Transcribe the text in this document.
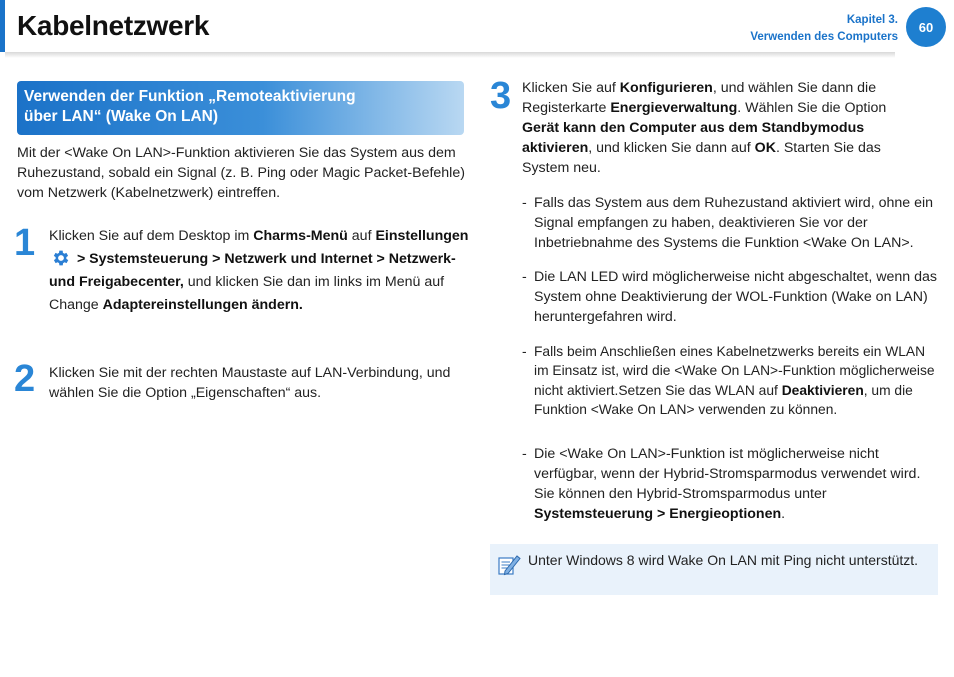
Kabelnetzwerk	Kapitel 3.
Verwenden des Computers
60
Verwenden der Funktion „Remoteaktivierung
über LAN“ (Wake On LAN)

Mit der <Wake On LAN>-Funktion aktivieren Sie das System aus dem Ruhezustand, sobald ein Signal (z. B. Ping oder Magic Packet-Befehle) vom Netzwerk (Kabelnetzwerk) eintreffen.

1 Klicken Sie auf dem Desktop im Charms-Menü auf Einstellungen > Systemsteuerung > Netzwerk und Internet > Netzwerk- und Freigabecenter, und klicken Sie dan im links im Menü auf Change Adaptereinstellungen ändern.

2 Klicken Sie mit der rechten Maustaste auf LAN-Verbindung, und wählen Sie die Option „Eigenschaften“ aus.

3 Klicken Sie auf Konfigurieren, und wählen Sie dann die Registerkarte Energieverwaltung. Wählen Sie die Option Gerät kann den Computer aus dem Standbymodus aktivieren, und klicken Sie dann auf OK. Starten Sie das System neu.

- Falls das System aus dem Ruhezustand aktiviert wird, ohne ein Signal empfangen zu haben, deaktivieren Sie vor der Inbetriebnahme des Systems die Funktion <Wake On LAN>.

- Die LAN LED wird möglicherweise nicht abgeschaltet, wenn das System ohne Deaktivierung der WOL-Funktion (Wake on LAN) heruntergefahren wird.

- Falls beim Anschließen eines Kabelnetzwerks bereits ein WLAN im Einsatz ist, wird die <Wake On LAN>-Funktion möglicherweise nicht aktiviert.Setzen Sie das WLAN auf Deaktivieren, um die Funktion <Wake On LAN> verwenden zu können.

- Die <Wake On LAN>-Funktion ist möglicherweise nicht verfügbar, wenn der Hybrid-Stromsparmodus verwendet wird. Sie können den Hybrid-Stromsparmodus unter Systemsteuerung > Energieoptionen.

Unter Windows 8 wird Wake On LAN mit Ping nicht unterstützt.
